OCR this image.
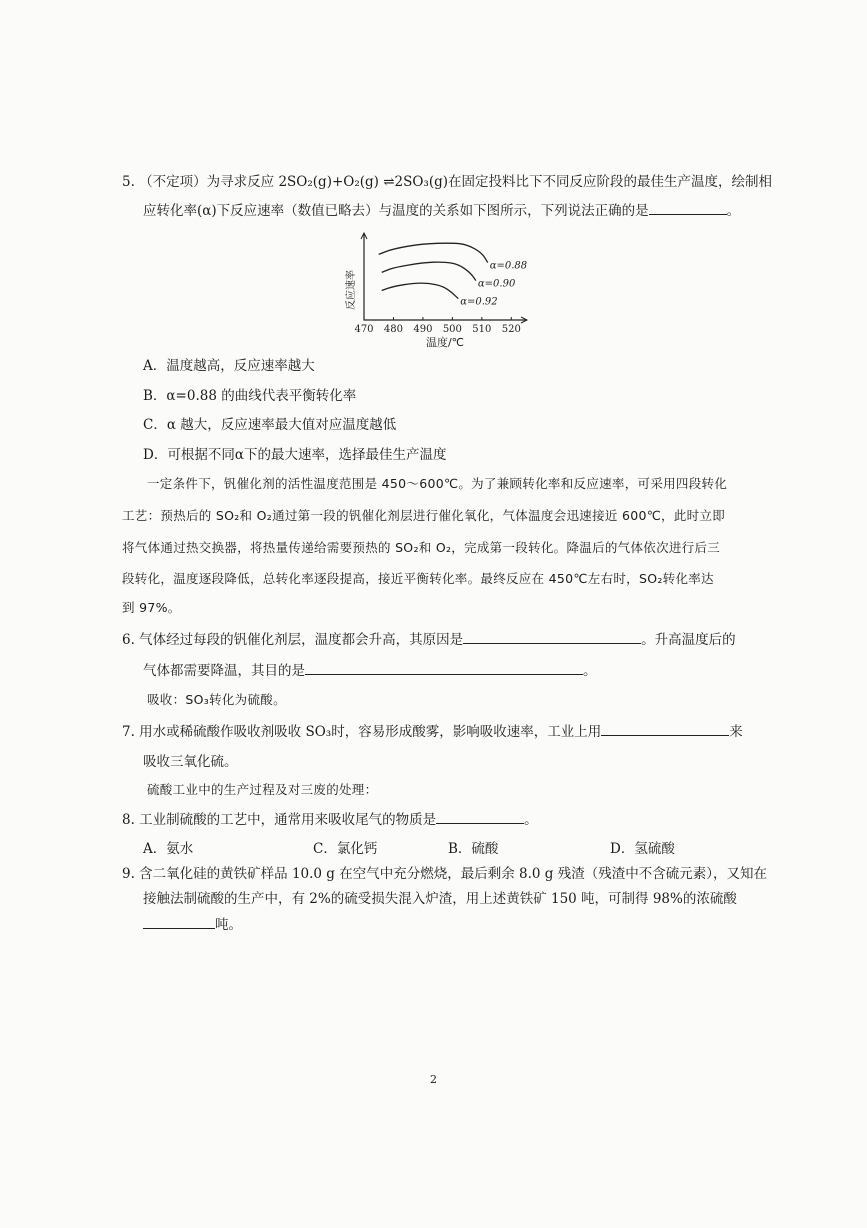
5. （不定项）为寻求反应 2SO₂(g)+O₂(g) ⇌2SO₃(g)在固定投料比下不同反应阶段的最佳生产温度，绘制相
应转化率(α)下反应速率（数值已略去）与温度的关系如下图所示，下列说法正确的是	。
反应速率
α=0.88
α=0.90
α=0.92
470 480 490 500 510 520
温度/℃
A．温度越高，反应速率越大
B．α=0.88 的曲线代表平衡转化率
C．α 越大，反应速率最大值对应温度越低
D．可根据不同α下的最大速率，选择最佳生产温度
一定条件下，钒催化剂的活性温度范围是 450～600℃。为了兼顾转化率和反应速率，可采用四段转化
工艺：预热后的 SO₂和 O₂通过第一段的钒催化剂层进行催化氧化，气体温度会迅速接近 600℃，此时立即
将气体通过热交换器，将热量传递给需要预热的 SO₂和 O₂，完成第一段转化。降温后的气体依次进行后三
段转化，温度逐段降低，总转化率逐段提高，接近平衡转化率。最终反应在 450℃左右时，SO₂转化率达
到 97%。
6. 气体经过每段的钒催化剂层，温度都会升高，其原因是	。升高温度后的
气体都需要降温，其目的是	。
吸收：SO₃转化为硫酸。
7. 用水或稀硫酸作吸收剂吸收 SO₃时，容易形成酸雾，影响吸收速率，工业上用	来
吸收三氧化硫。
硫酸工业中的生产过程及对三废的处理：
8. 工业制硫酸的工艺中，通常用来吸收尾气的物质是	。
A．氨水	C．氯化钙	B．硫酸	D．氢硫酸
9. 含二氧化硅的黄铁矿样品 10.0 g 在空气中充分燃烧，最后剩余 8.0 g 残渣（残渣中不含硫元素），又知在
接触法制硫酸的生产中，有 2%的硫受损失混入炉渣，用上述黄铁矿 150 吨，可制得 98%的浓硫酸
吨。
2
